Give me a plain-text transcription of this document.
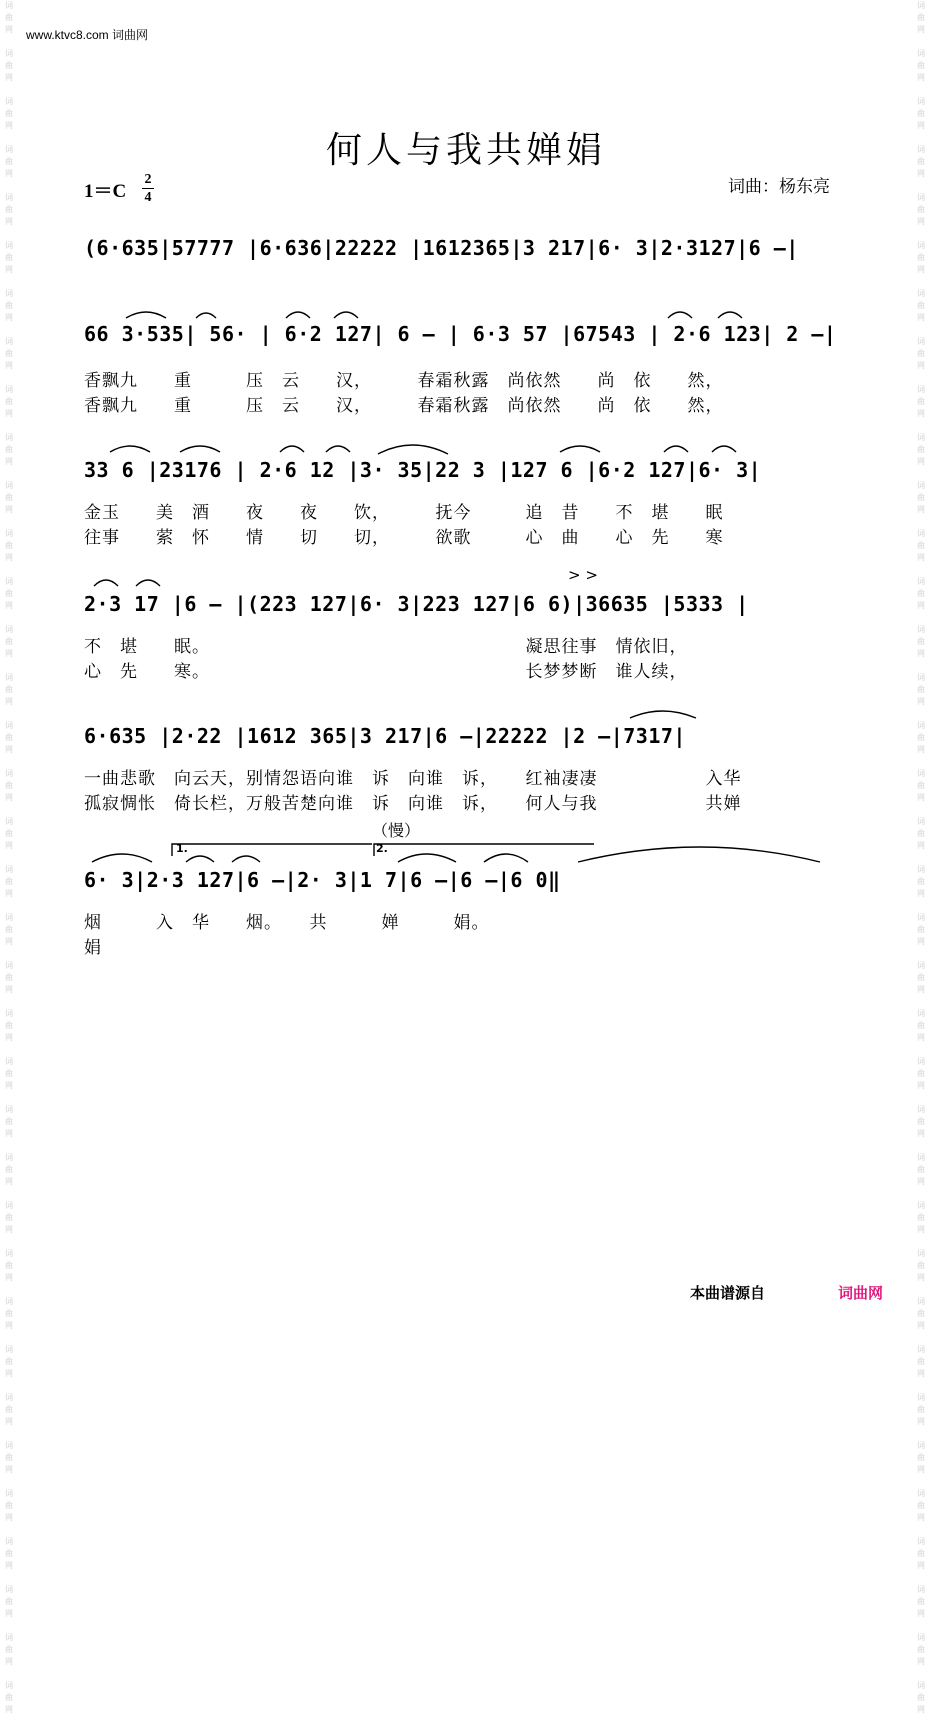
词
曲
网

词
曲
网

词
曲
网

词
曲
网

词
曲
网

词
曲
网

词
曲
网

词
曲
网

词
曲
网

词
曲
网

词
曲
网

词
曲
网

词
曲
网

词
曲
网

词
曲
网

词
曲
网

词
曲
网

词
曲
网

词
曲
网

词
曲
网

词
曲
网

词
曲
网

词
曲
网

词
曲
网

词
曲
网

词
曲
网

词
曲
网

词
曲
网

词
曲
网

词
曲
网

词
曲
网

词
曲
网

词
曲
网

词
曲
网

词
曲
网

词
曲
网

词
曲
网

词
曲
网

词
曲
网

词
曲
网

词
曲
网

词
曲
网

词
曲
网

词
曲
网

词
曲
网

词
曲
网

词
曲
网

词
曲
网

词
曲
网

词
曲
网

词
曲
网

词
曲
网

词
曲
网

词
曲
网

词
曲
网

词
曲
网

词
曲
网

词
曲
网

词
曲
网

词
曲
网

词
曲
网

词
曲
网

词
曲
网

词
曲
网

词
曲
网

词
曲
网

词
曲
网

词
曲
网

词
曲
网

词
曲
网

词
曲
网

词
曲
网

www.ktvc8.com 词曲网
何人与我共婵娟
1＝C
2
4
词曲：杨东亮
(6·635|57777 |6·636|22222 |1612365|3 217|6· 3|2·3127|6 –|
66 3·535| 56· | 6·2 127| 6 – | 6·3 57 |67543 | 2·6 123| 2 –|
香飘九　　重　　　压　云　　汉，　　　春霜秋露　尚依然　　尚　依　　然，
香飘九　　重　　　压　云　　汉，　　　春霜秋露　尚依然　　尚　依　　然，
33 6 |23176 | 2·6 12 |3· 35|22 3 |127 6 |6·2 127|6· 3|
金玉　　美　酒　　夜　　夜　　饮，　　　抚今　　　追　昔　　不　堪　　眠
往事　　萦　怀　　情　　切　　切，　　　欲歌　　　心　曲　　心　先　　寒
> >
2·3 17 |6 – |(223 127|6· 3|223 127|6 6)|36635 |5333 |
不　堪　　眠。　　　　　　　　　　　　　　　　　　凝思往事　情依旧，
心　先　　寒。　　　　　　　　　　　　　　　　　　长梦梦断　谁人续，
6·635 |2·22 |1612 365|3 217|6 –|22222 |2 –|7317|
一曲悲歌　向云天，别情怨语向谁　诉　向谁　诉，　　红袖凄凄　　　　　　入华
孤寂惆怅　倚长栏，万般苦楚向谁　诉　向谁　诉，　　何人与我　　　　　　共婵
（慢）
1.	2.
6· 3|2·3 127|6 –|2· 3|1 7|6 –|6 –|6 0‖
烟　　　入　华　　烟。　　共　　　婵　　　娟。
娟
本曲谱源自	词曲网
